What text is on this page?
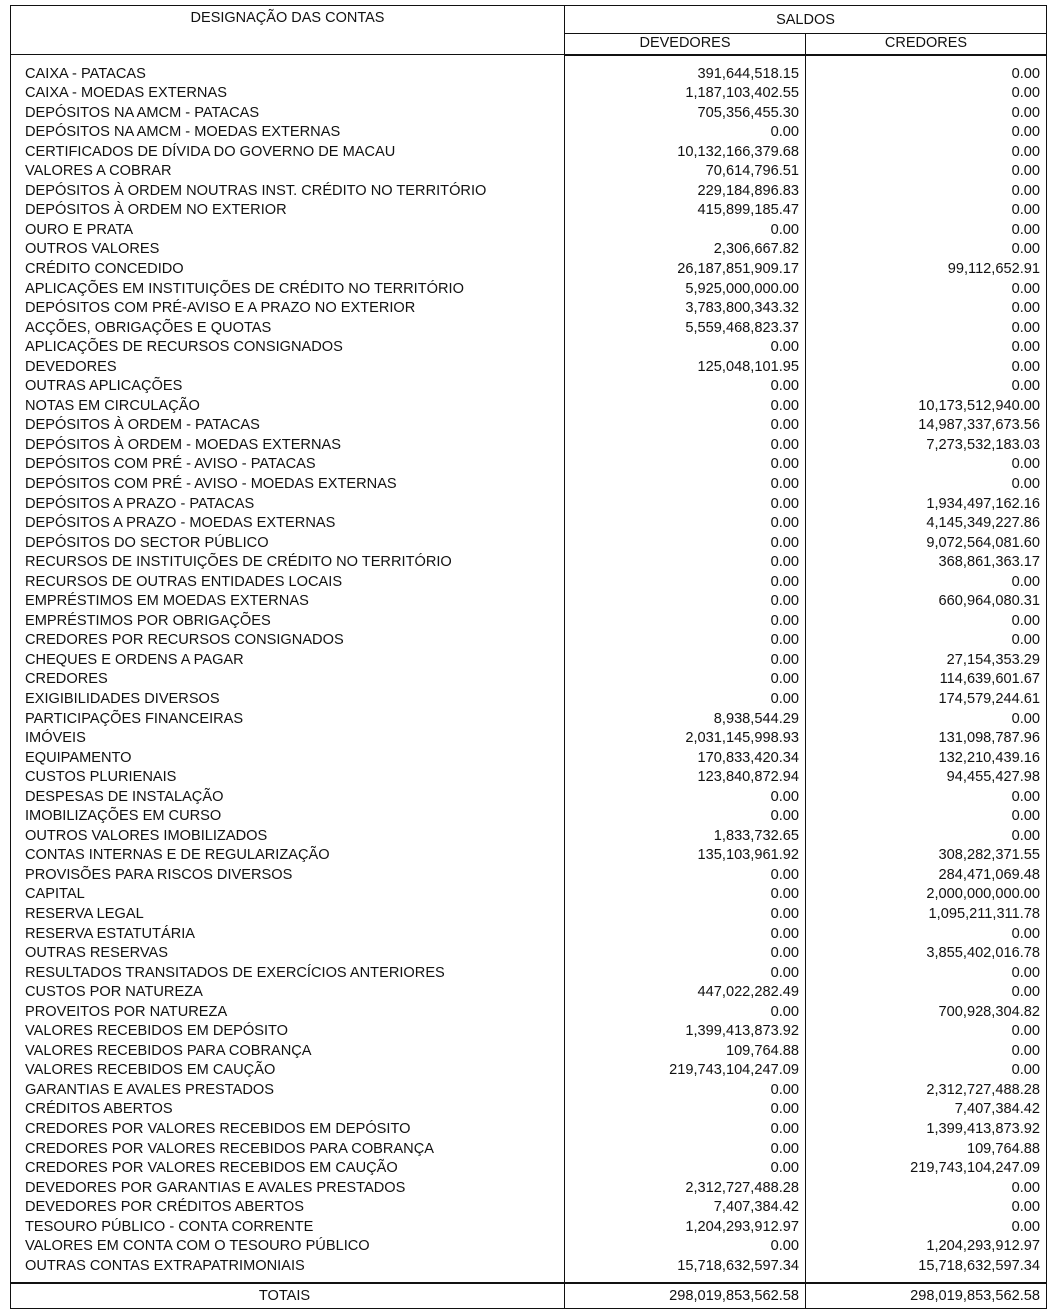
DESIGNAÇÃO DAS CONTAS	SALDOS	
	DEVEDORES	CREDORES

CAIXA - PATACAS	391,644,518.15	0.00
CAIXA - MOEDAS EXTERNAS	1,187,103,402.55	0.00
DEPÓSITOS NA AMCM - PATACAS	705,356,455.30	0.00
DEPÓSITOS NA AMCM - MOEDAS EXTERNAS	0.00	0.00
CERTIFICADOS DE DÍVIDA DO GOVERNO DE MACAU	10,132,166,379.68	0.00
VALORES A COBRAR	70,614,796.51	0.00
DEPÓSITOS À ORDEM NOUTRAS INST. CRÉDITO NO TERRITÓRIO	229,184,896.83	0.00
DEPÓSITOS À ORDEM NO EXTERIOR	415,899,185.47	0.00
OURO E PRATA	0.00	0.00
OUTROS VALORES	2,306,667.82	0.00
CRÉDITO CONCEDIDO	26,187,851,909.17	99,112,652.91
APLICAÇÕES EM INSTITUIÇÕES DE CRÉDITO NO TERRITÓRIO	5,925,000,000.00	0.00
DEPÓSITOS COM PRÉ-AVISO E A PRAZO NO EXTERIOR	3,783,800,343.32	0.00
ACÇÕES, OBRIGAÇÕES E QUOTAS	5,559,468,823.37	0.00
APLICAÇÕES DE RECURSOS CONSIGNADOS	0.00	0.00
DEVEDORES	125,048,101.95	0.00
OUTRAS APLICAÇÕES	0.00	0.00
NOTAS EM CIRCULAÇÃO	0.00	10,173,512,940.00
DEPÓSITOS À ORDEM - PATACAS	0.00	14,987,337,673.56
DEPÓSITOS À ORDEM - MOEDAS EXTERNAS	0.00	7,273,532,183.03
DEPÓSITOS COM PRÉ - AVISO - PATACAS	0.00	0.00
DEPÓSITOS COM PRÉ - AVISO - MOEDAS EXTERNAS	0.00	0.00
DEPÓSITOS A PRAZO - PATACAS	0.00	1,934,497,162.16
DEPÓSITOS A PRAZO - MOEDAS EXTERNAS	0.00	4,145,349,227.86
DEPÓSITOS DO SECTOR PÚBLICO	0.00	9,072,564,081.60
RECURSOS DE INSTITUIÇÕES DE CRÉDITO NO TERRITÓRIO	0.00	368,861,363.17
RECURSOS DE OUTRAS ENTIDADES LOCAIS	0.00	0.00
EMPRÉSTIMOS EM MOEDAS EXTERNAS	0.00	660,964,080.31
EMPRÉSTIMOS POR OBRIGAÇÕES	0.00	0.00
CREDORES POR RECURSOS CONSIGNADOS	0.00	0.00
CHEQUES E ORDENS A PAGAR	0.00	27,154,353.29
CREDORES	0.00	114,639,601.67
EXIGIBILIDADES DIVERSOS	0.00	174,579,244.61
PARTICIPAÇÕES FINANCEIRAS	8,938,544.29	0.00
IMÓVEIS	2,031,145,998.93	131,098,787.96
EQUIPAMENTO	170,833,420.34	132,210,439.16
CUSTOS PLURIENAIS	123,840,872.94	94,455,427.98
DESPESAS DE INSTALAÇÃO	0.00	0.00
IMOBILIZAÇÕES EM CURSO	0.00	0.00
OUTROS VALORES IMOBILIZADOS	1,833,732.65	0.00
CONTAS INTERNAS E DE REGULARIZAÇÃO	135,103,961.92	308,282,371.55
PROVISÕES PARA RISCOS DIVERSOS	0.00	284,471,069.48
CAPITAL	0.00	2,000,000,000.00
RESERVA LEGAL	0.00	1,095,211,311.78
RESERVA ESTATUTÁRIA	0.00	0.00
OUTRAS RESERVAS	0.00	3,855,402,016.78
RESULTADOS TRANSITADOS DE EXERCÍCIOS ANTERIORES	0.00	0.00
CUSTOS POR NATUREZA	447,022,282.49	0.00
PROVEITOS POR NATUREZA	0.00	700,928,304.82
VALORES RECEBIDOS EM DEPÓSITO	1,399,413,873.92	0.00
VALORES RECEBIDOS PARA COBRANÇA	109,764.88	0.00
VALORES RECEBIDOS EM CAUÇÃO	219,743,104,247.09	0.00
GARANTIAS E AVALES PRESTADOS	0.00	2,312,727,488.28
CRÉDITOS ABERTOS	0.00	7,407,384.42
CREDORES POR VALORES RECEBIDOS EM DEPÓSITO	0.00	1,399,413,873.92
CREDORES POR VALORES RECEBIDOS PARA COBRANÇA	0.00	109,764.88
CREDORES POR VALORES RECEBIDOS EM CAUÇÃO	0.00	219,743,104,247.09
DEVEDORES POR GARANTIAS E AVALES PRESTADOS	2,312,727,488.28	0.00
DEVEDORES POR CRÉDITOS ABERTOS	7,407,384.42	0.00
TESOURO PÚBLICO - CONTA CORRENTE	1,204,293,912.97	0.00
VALORES EM CONTA COM O TESOURO PÚBLICO	0.00	1,204,293,912.97
OUTRAS CONTAS EXTRAPATRIMONIAIS	15,718,632,597.34	15,718,632,597.34
TOTAIS	298,019,853,562.58	298,019,853,562.58
